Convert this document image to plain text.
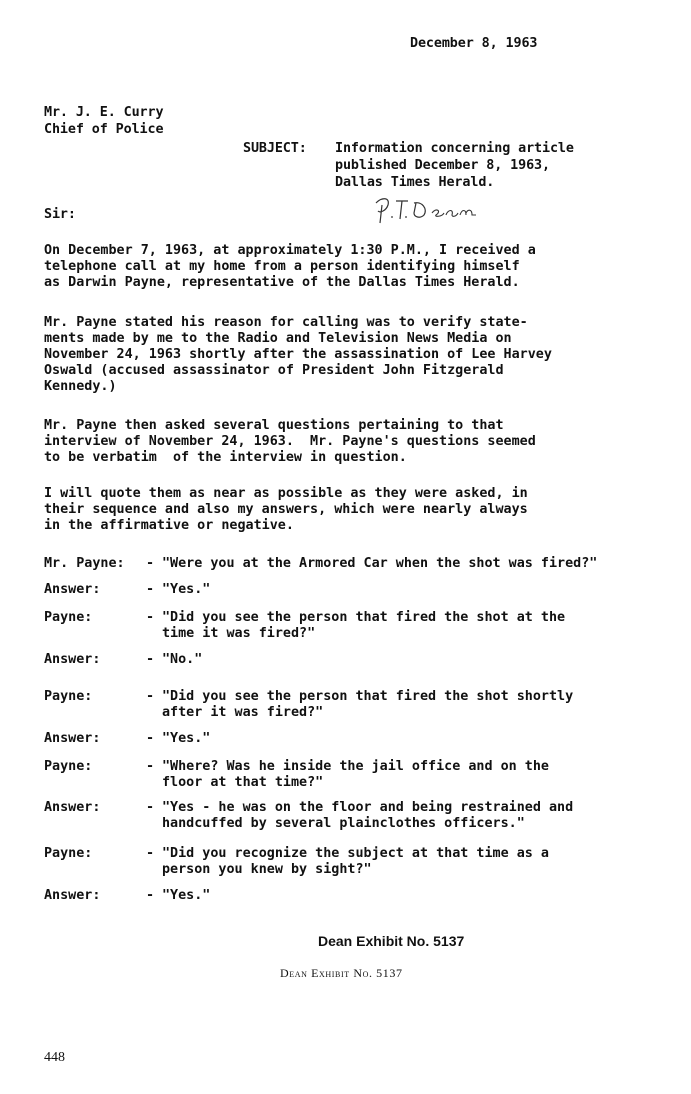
December 8, 1963
Mr. J. E. Curry
Chief of Police
SUBJECT: Information concerning article
published December 8, 1963,
Dallas Times Herald.
Sir:
On December 7, 1963, at approximately 1:30 P.M., I received a
telephone call at my home from a person identifying himself
as Darwin Payne, representative of the Dallas Times Herald.
Mr. Payne stated his reason for calling was to verify state-
ments made by me to the Radio and Television News Media on
November 24, 1963 shortly after the assassination of Lee Harvey
Oswald (accused assassinator of President John Fitzgerald
Kennedy.)
Mr. Payne then asked several questions pertaining to that
interview of November 24, 1963.  Mr. Payne's questions seemed
to be verbatim  of the interview in question.
I will quote them as near as possible as they were asked, in
their sequence and also my answers, which were nearly always
in the affirmative or negative.
Mr. Payne:	- "Were you at the Armored Car when the shot was fired?"
Answer:	- "Yes."
Payne:	- "Did you see the person that fired the shot at the
time it was fired?"
Answer:	- "No."
Payne:	- "Did you see the person that fired the shot shortly
after it was fired?"
Answer:	- "Yes."
Payne:	- "Where? Was he inside the jail office and on the
floor at that time?"
Answer:	- "Yes - he was on the floor and being restrained and
handcuffed by several plainclothes officers."
Payne:	- "Did you recognize the subject at that time as a
person you knew by sight?"
Answer:	- "Yes."
Dean Exhibit No. 5137
Dean Exhibit No. 5137
448
